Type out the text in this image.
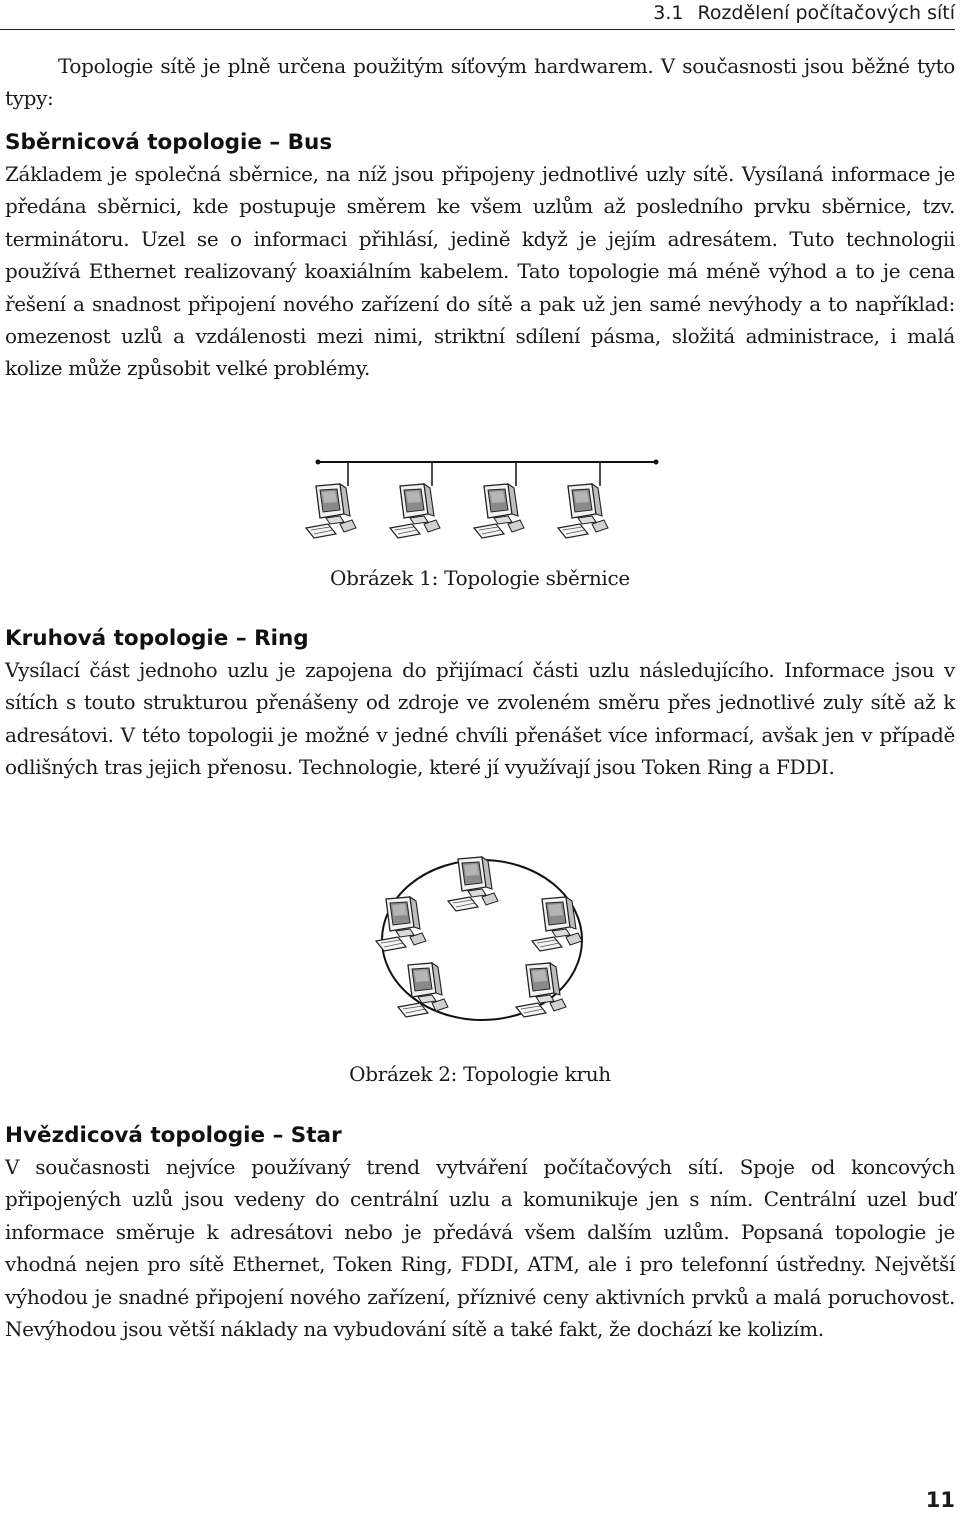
3.1 Rozdělení počítačových sítí

Topologie sítě je plně určena použitým síťovým hardwarem. V současnosti jsou běžné tyto typy:

Sběrnicová topologie – Bus

Základem je společná sběrnice, na níž jsou připojeny jednotlivé uzly sítě. Vysílaná informace je předána sběrnici, kde postupuje směrem ke všem uzlům až posledního prvku sběrnice, tzv. terminátoru. Uzel se o informaci přihlásí, jedině když je jejím adresátem. Tuto technologii používá Ethernet realizovaný koaxiálním kabelem. Tato topologie má méně výhod a to je cena řešení a snadnost připojení nového zařízení do sítě a pak už jen samé nevýhody a to například: omezenost uzlů a vzdálenosti mezi nimi, striktní sdílení pásma, složitá administrace, i malá kolize může způsobit velké problémy.

Obrázek 1: Topologie sběrnice
Kruhová topologie – Ring

Vysílací část jednoho uzlu je zapojena do přijímací části uzlu následujícího. Informace jsou v sítích s touto strukturou přenášeny od zdroje ve zvoleném směru přes jednotlivé zuly sítě až k adresátovi. V této topologii je možné v jedné chvíli přenášet více informací, avšak jen v případě odlišných tras jejich přenosu. Technologie, které jí využívají jsou Token Ring a FDDI.

Obrázek 2: Topologie kruh
Hvězdicová topologie – Star

V současnosti nejvíce používaný trend vytváření počítačových sítí. Spoje od koncových připojených uzlů jsou vedeny do centrální uzlu a komunikuje jen s ním. Centrální uzel buď informace směruje k adresátovi nebo je předává všem dalším uzlům. Popsaná topologie je vhodná nejen pro sítě Ethernet, Token Ring, FDDI, ATM, ale i pro telefonní ústředny. Největší výhodou je snadné připojení nového zařízení, příznivé ceny aktivních prvků a malá poruchovost. Nevýhodou jsou větší náklady na vybudování sítě a také fakt, že dochází ke kolizím.

11
